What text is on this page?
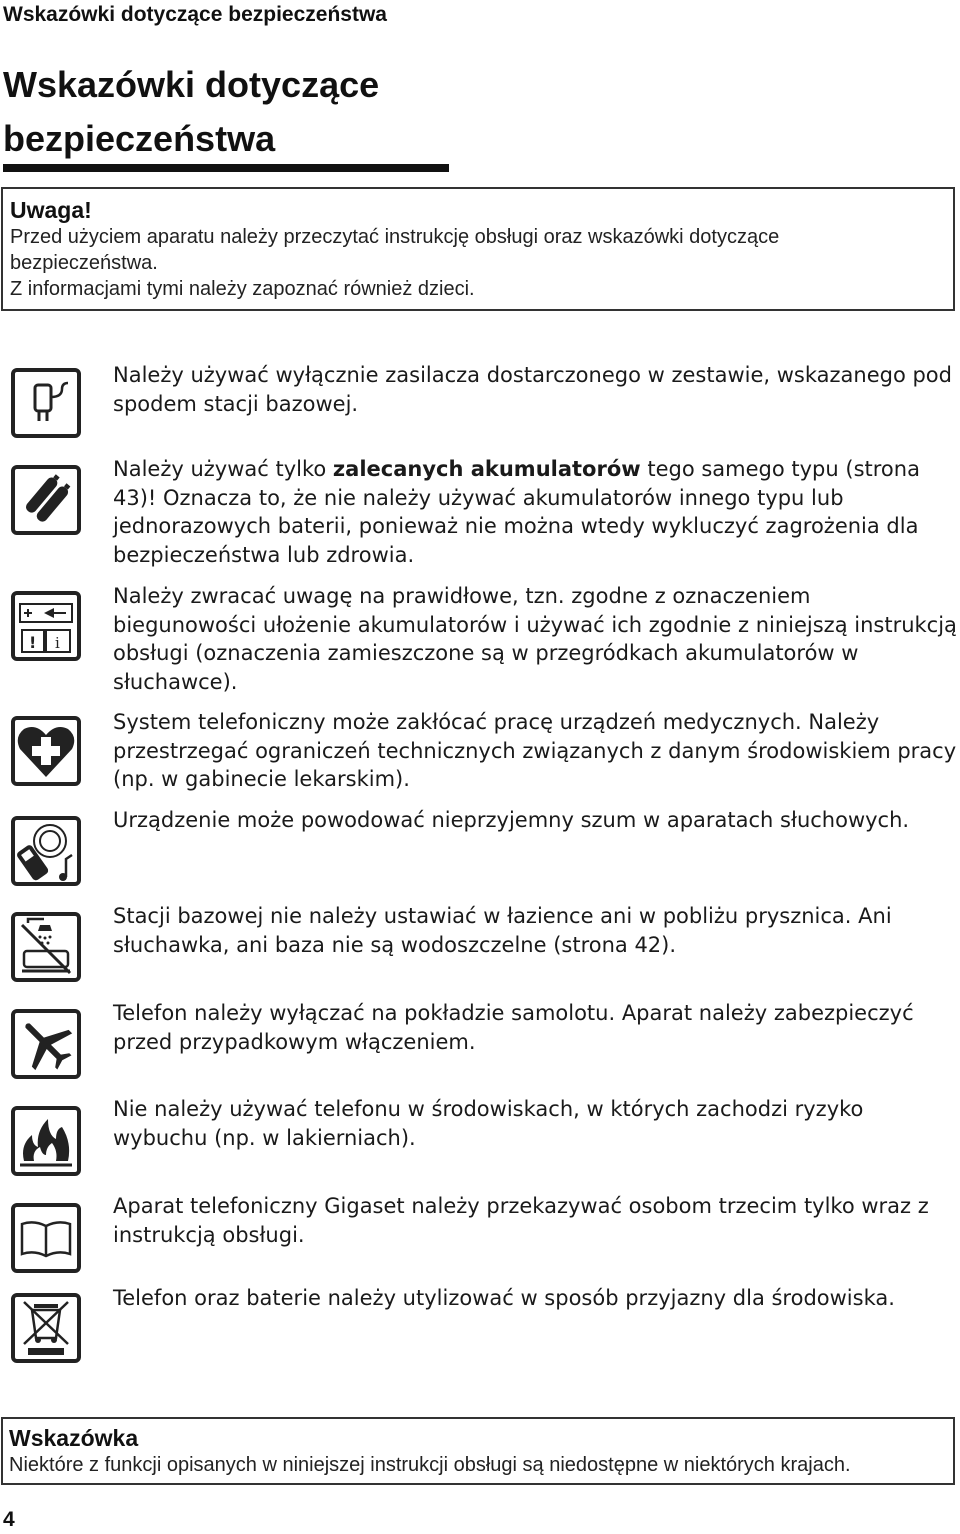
Wskazówki dotyczące bezpieczeństwa
Wskazówki dotyczące
bezpieczeństwa
Uwaga!
Przed użyciem aparatu należy przeczytać instrukcję obsługi oraz wskazówki dotyczące
bezpieczeństwa.
Z informacjami tymi należy zapoznać również dzieci.

Należy używać wyłącznie zasilacza dostarczonego w zestawie, wskazanego pod spodem stacji bazowej.

Należy używać tylko zalecanych akumulatorów tego samego typu (strona 43)! Oznacza to, że nie należy używać akumulatorów innego typu lub jednorazowych baterii, ponieważ nie można wtedy wykluczyć zagrożenia dla bezpieczeństwa lub zdrowia.

! i

Należy zwracać uwagę na prawidłowe, tzn. zgodne z oznaczeniem biegunowości ułożenie akumulatorów i używać ich zgodnie z niniejszą instrukcją obsługi (oznaczenia zamieszczone są w przegródkach akumulatorów w słuchawce).

System telefoniczny może zakłócać pracę urządzeń medycznych. Należy przestrzegać ograniczeń technicznych związanych z danym środowiskiem pracy (np. w gabinecie lekarskim).

Urządzenie może powodować nieprzyjemny szum w aparatach słuchowych.

Stacji bazowej nie należy ustawiać w łazience ani w pobliżu prysznica. Ani słuchawka, ani baza nie są wodoszczelne (strona 42).

Telefon należy wyłączać na pokładzie samolotu. Aparat należy zabezpieczyć przed przypadkowym włączeniem.

Nie należy używać telefonu w środowiskach, w których zachodzi ryzyko wybuchu (np. w lakierniach).

Aparat telefoniczny Gigaset należy przekazywać osobom trzecim tylko wraz z instrukcją obsługi.

Telefon oraz baterie należy utylizować w sposób przyjazny dla środowiska.

Wskazówka
Niektóre z funkcji opisanych w niniejszej instrukcji obsługi są niedostępne w niektórych krajach.
4
